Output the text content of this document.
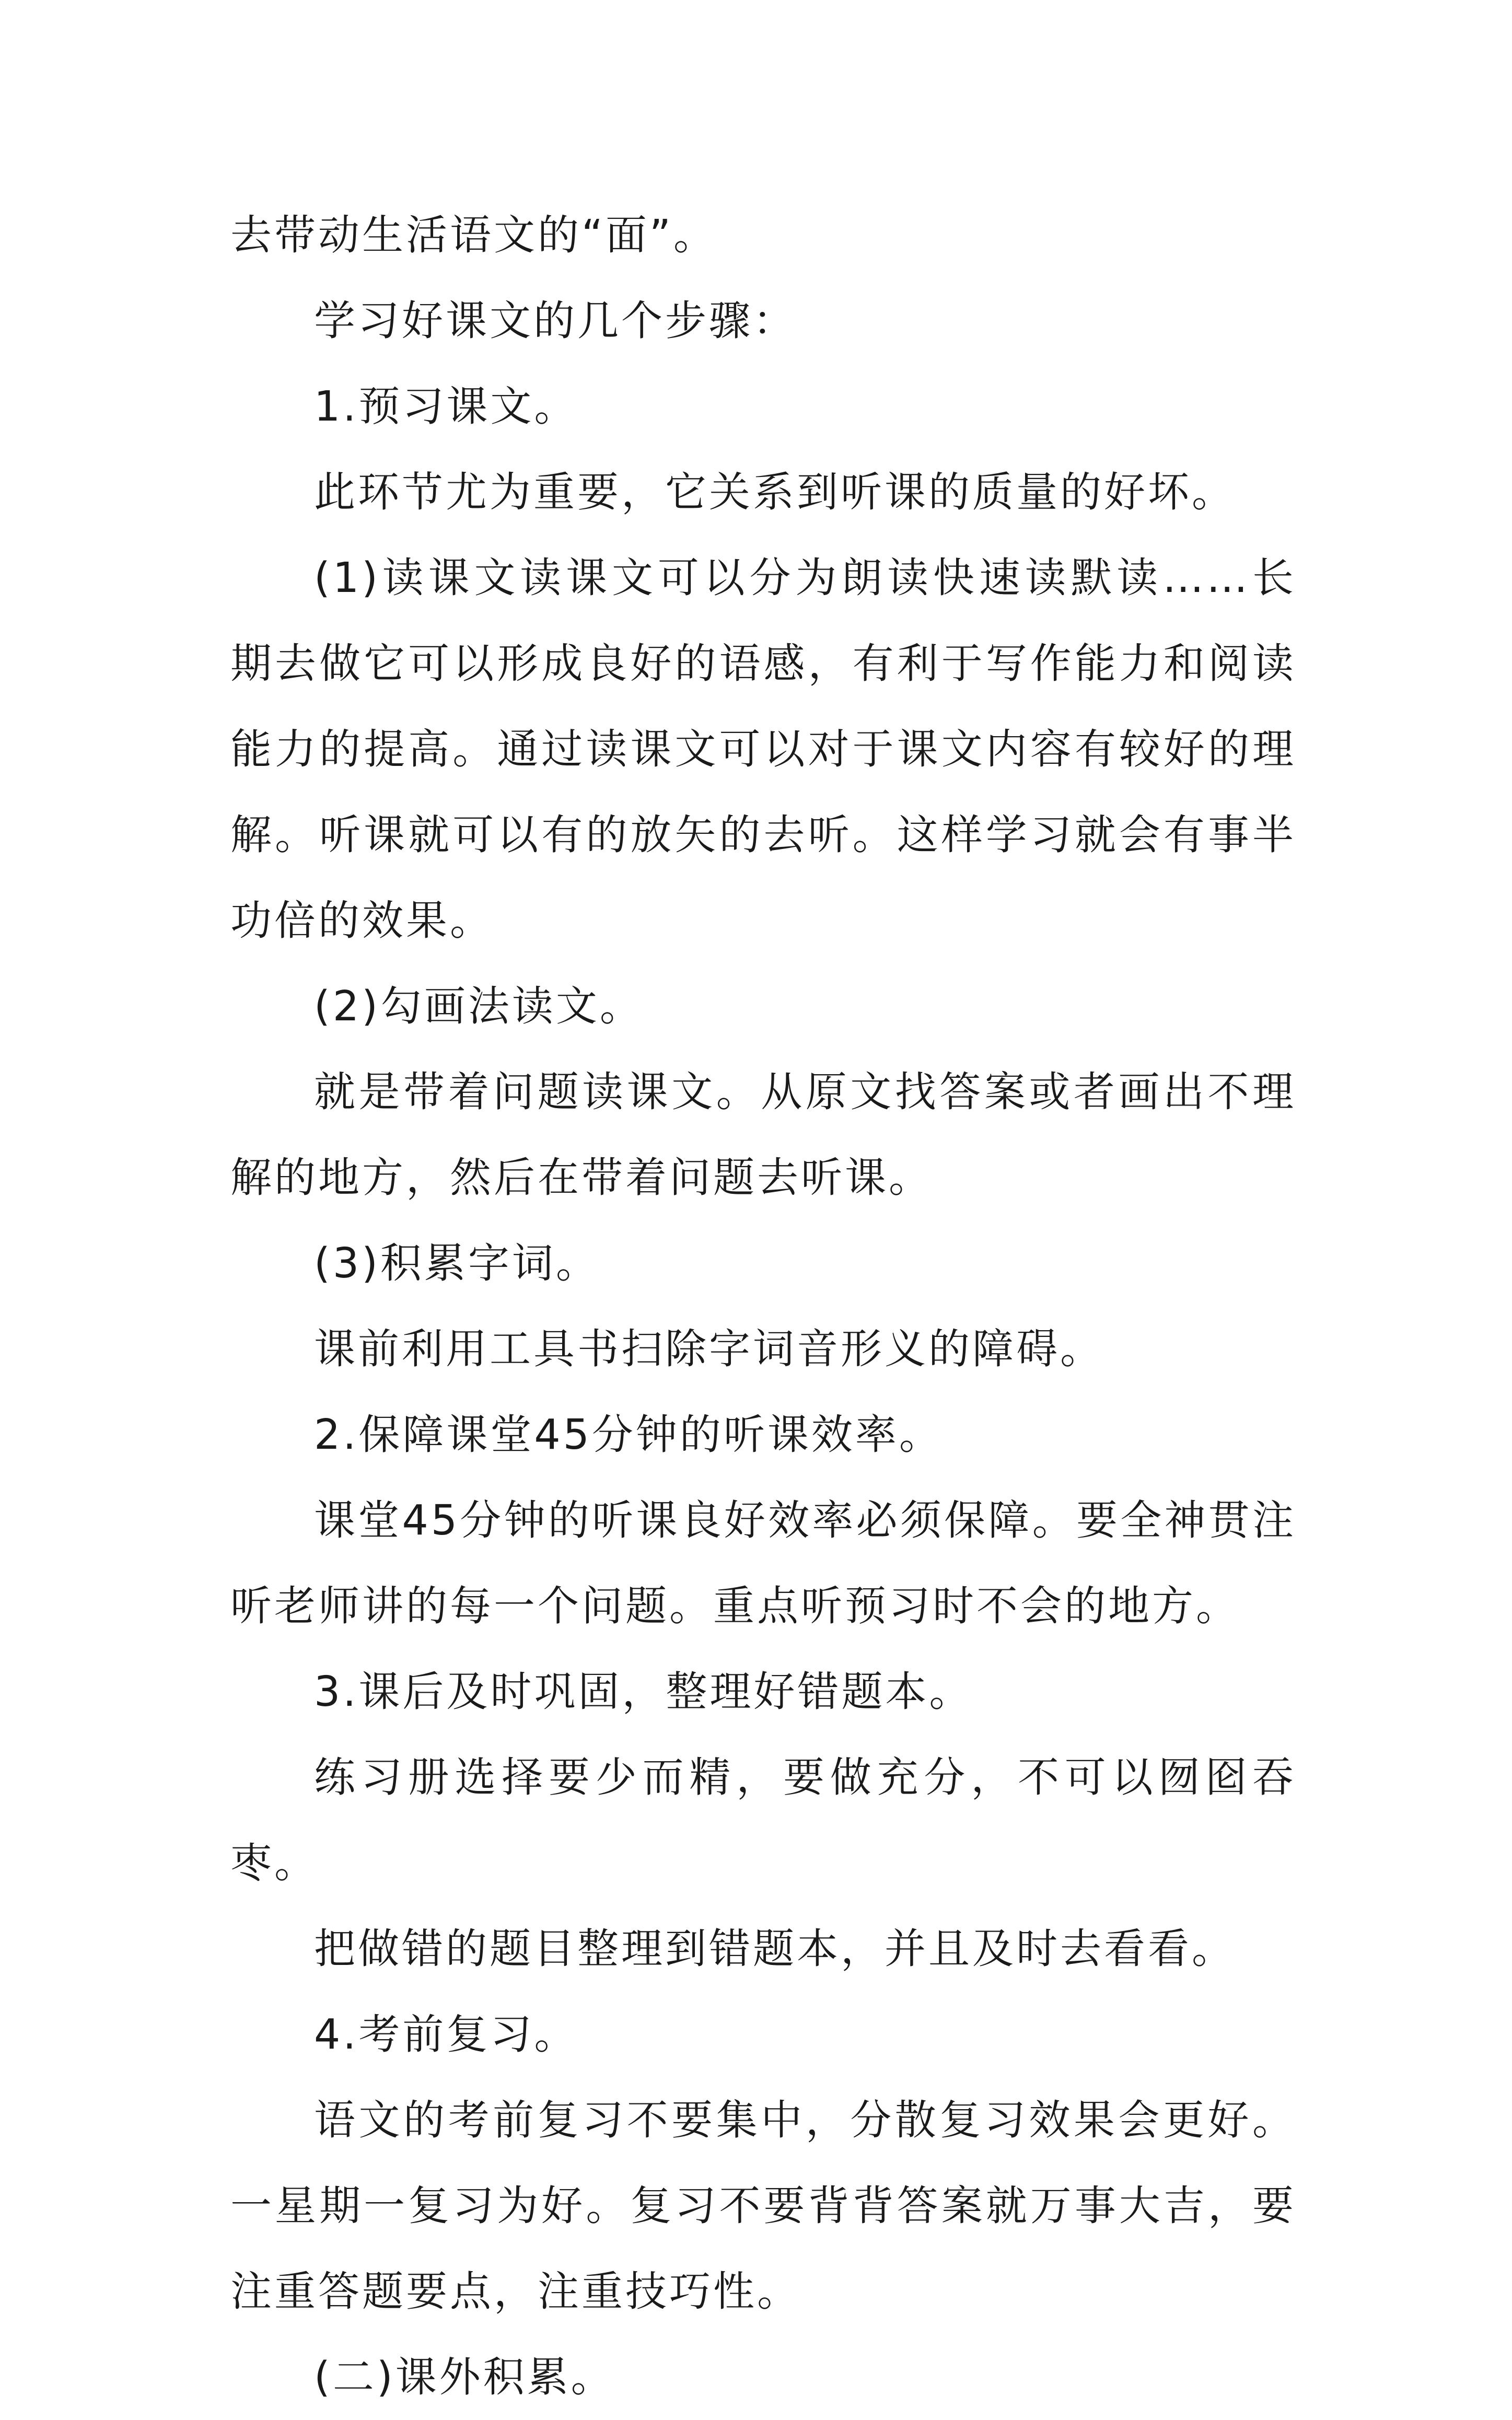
去带动生活语文的“面”。

学习好课文的几个步骤：

1.预习课文。

此环节尤为重要，它关系到听课的质量的好坏。

(1)读课文读课文可以分为朗读快速读默读……长期去做它可以形成良好的语感，有利于写作能力和阅读能力的提高。通过读课文可以对于课文内容有较好的理解。听课就可以有的放矢的去听。这样学习就会有事半功倍的效果。

(2)勾画法读文。

就是带着问题读课文。从原文找答案或者画出不理解的地方，然后在带着问题去听课。

(3)积累字词。

课前利用工具书扫除字词音形义的障碍。

2.保障课堂45分钟的听课效率。

课堂45分钟的听课良好效率必须保障。要全神贯注听老师讲的每一个问题。重点听预习时不会的地方。

3.课后及时巩固，整理好错题本。

练习册选择要少而精，要做充分，不可以囫囵吞枣。

把做错的题目整理到错题本，并且及时去看看。

4.考前复习。

语文的考前复习不要集中，分散复习效果会更好。一星期一复习为好。复习不要背背答案就万事大吉，要注重答题要点，注重技巧性。

(二)课外积累。
